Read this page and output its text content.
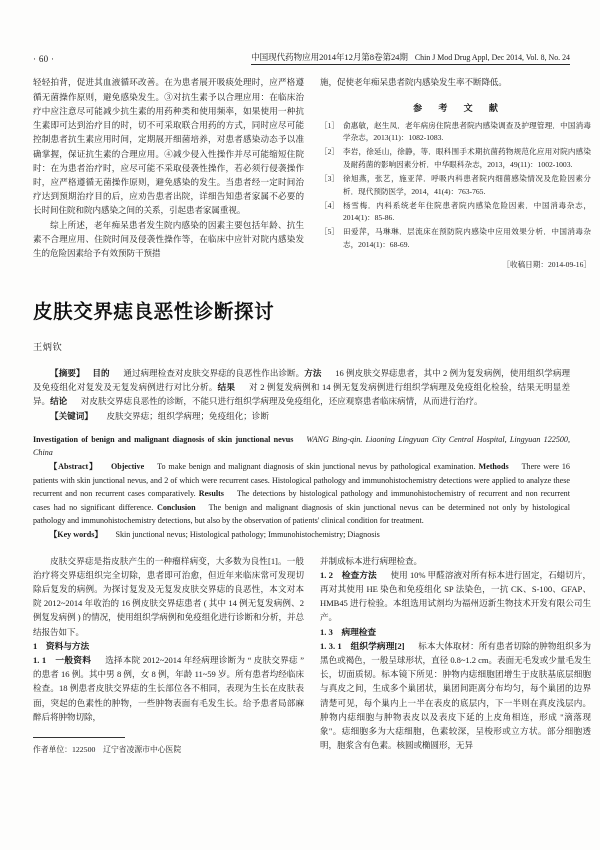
· 60 ·	中国现代药物应用2014年12月第8卷第24期 Chin J Mod Drug Appl, Dec 2014, Vol. 8, No. 24

轻轻拍背，促进其血液循环改善。在为患者展开吸痰处理时，应严格遵循无菌操作原则，避免感染发生。③对抗生素予以合理应用：在临床治疗中应注意尽可能减少抗生素的用药种类和使用频率，如果使用一种抗生素即可达到治疗目的时，切不可采取联合用药的方式，同时应尽可能控制患者抗生素应用时间，定期展开细菌培养，对患者感染动态予以准确掌握，保证抗生素的合理应用。④减少侵入性操作并尽可能缩短住院时：在为患者治疗时，应尽可能不采取侵袭性操作，若必须行侵袭操作时，应严格遵循无菌操作原则，避免感染的发生。当患者经一定时间治疗达到预期治疗目的后，应劝告患者出院，详细告知患者家属不必要的长时间住院和院内感染之间的关系，引起患者家属重视。

综上所述，老年痴呆患者发生院内感染的因素主要包括年龄、抗生素不合理应用、住院时间及侵袭性操作等，在临床中应针对院内感染发生的危险因素给予有效预防干预措

施，促使老年痴呆患者院内感染发生率不断降低。

参 考 文 献
［1］ 俞惠敏，赵生凤．老年病房住院患者院内感染调查及护理管理．中国消毒学杂志，2013(11)：1082-1083.
［2］ 李岩，徐延山，徐静，等．眼科围手术期抗菌药物规范化应用对院内感染及耐药菌的影响因素分析．中华眼科杂志，2013，49(11)：1002-1003.
［3］ 徐旭燕，张艺，施亚萍．呼吸内科患者院内细菌感染情况及危险因素分析．现代预防医学，2014，41(4)：763-765.
［4］ 杨雪梅．内科系统老年住院患者院内感染危险因素．中国消毒杂志，2014(1)：85-86.
［5］ 田爱萍，马琳琳．层流床在预防院内感染中应用效果分析．中国消毒杂志，2014(1)：68-69.
［收稿日期：2014-09-16］
皮肤交界痣良恶性诊断探讨
王炳钦

【摘要】 目的 通过病理检查对皮肤交界痣的良恶性作出诊断。方法 16 例皮肤交界痣患者，其中 2 例为复发病例，使用组织学病理及免疫组化对复发及无复发病例进行对比分析。结果 对 2 例复发病例和 14 例无复发病例进行组织学病理及免疫组化检验，结果无明显差异。结论 对皮肤交界痣良恶性的诊断，不能只进行组织学病理及免疫组化，还应观察患者临床病情，从而进行治疗。

【关键词】 皮肤交界痣；组织学病理；免疫组化；诊断

Investigation of benign and malignant diagnosis of skin junctional nevus WANG Bing-qin. Liaoning Lingyuan City Central Hospital, Lingyuan 122500, China

【Abstract】 Objective To make benign and malignant diagnosis of skin junctional nevus by pathological examination. Methods There were 16 patients with skin junctional nevus, and 2 of which were recurrent cases. Histological pathology and immunohistochemistry detections were applied to analyze these recurrent and non recurrent cases comparatively. Results The detections by histological pathology and immunohistochemistry of recurrent and non recurrent cases had no significant difference. Conclusion The benign and malignant diagnosis of skin junctional nevus can be determined not only by histological pathology and immunohistochemistry detections, but also by the observation of patients' clinical condition for treatment.

【Key words】 Skin junctional nevus; Histological pathology; Immunohistochemistry; Diagnosis

皮肤交界痣是指皮肤产生的一种瘤样病变，大多数为良性[1]。一般治疗将交界痣组织完全切除，患者即可治愈，但近年来临床常可发现切除后复发的病例。为探讨复发及无复发皮肤交界痣的良恶性，本文对本院 2012~2014 年收治的 16 例皮肤交界痣患者 ( 其中 14 例无复发病例、2 例复发病例 ) 的情况，使用组织学病例和免疫组化进行诊断和分析，并总结报告如下。

1　资料与方法

1. 1　一般资料 选择本院 2012~2014 年经病理诊断为 “ 皮肤交界痣 ” 的患者 16 例。其中男 8 例，女 8 例，年龄 11~59 岁。所有患者均经临床检查。18 例患者皮肤交界痣的生长部位各不相同，表现为生长在皮肤表面，突起的色素性的肿物，一些肿物表面有毛发生长。给予患者局部麻醉后将肿物切除，

作者单位：122500　辽宁省凌源市中心医院

并制成标本进行病理检查。

1. 2　检查方法 使用 10% 甲醛溶液对所有标本进行固定，石蜡切片，再对其使用 HE 染色和免疫组化 SP 法染色，一抗 CK、S-100、GFAP、HMB45 进行检验。本组选用试剂均为福州迈新生物技术开发有限公司生产。

1. 3　病理检查

1. 3. 1　组织学病理[2] 标本大体取材：所有患者切除的肿物组织多为黑色或褐色，一般呈球形状，直径 0.8~1.2 cm。表面无毛发或少量毛发生长，切面质韧。标本镜下所见：肿物内痣细胞团增生于皮肤基底层细胞与真皮之间，生成多个巢团状，巢团间距离分布均匀，每个巢团的边界清楚可见，每个巢内上一半在表皮的底层内，下一半则在真皮浅层内。肿物内痣细胞与肿物表皮以及表皮下延的上皮角相连，形成 "滴落现象"。痣细胞多为大痣细胞，色素较深，呈梭形或立方状。部分细胞透明，胞浆含有色素。核圆或椭圆形，无异
